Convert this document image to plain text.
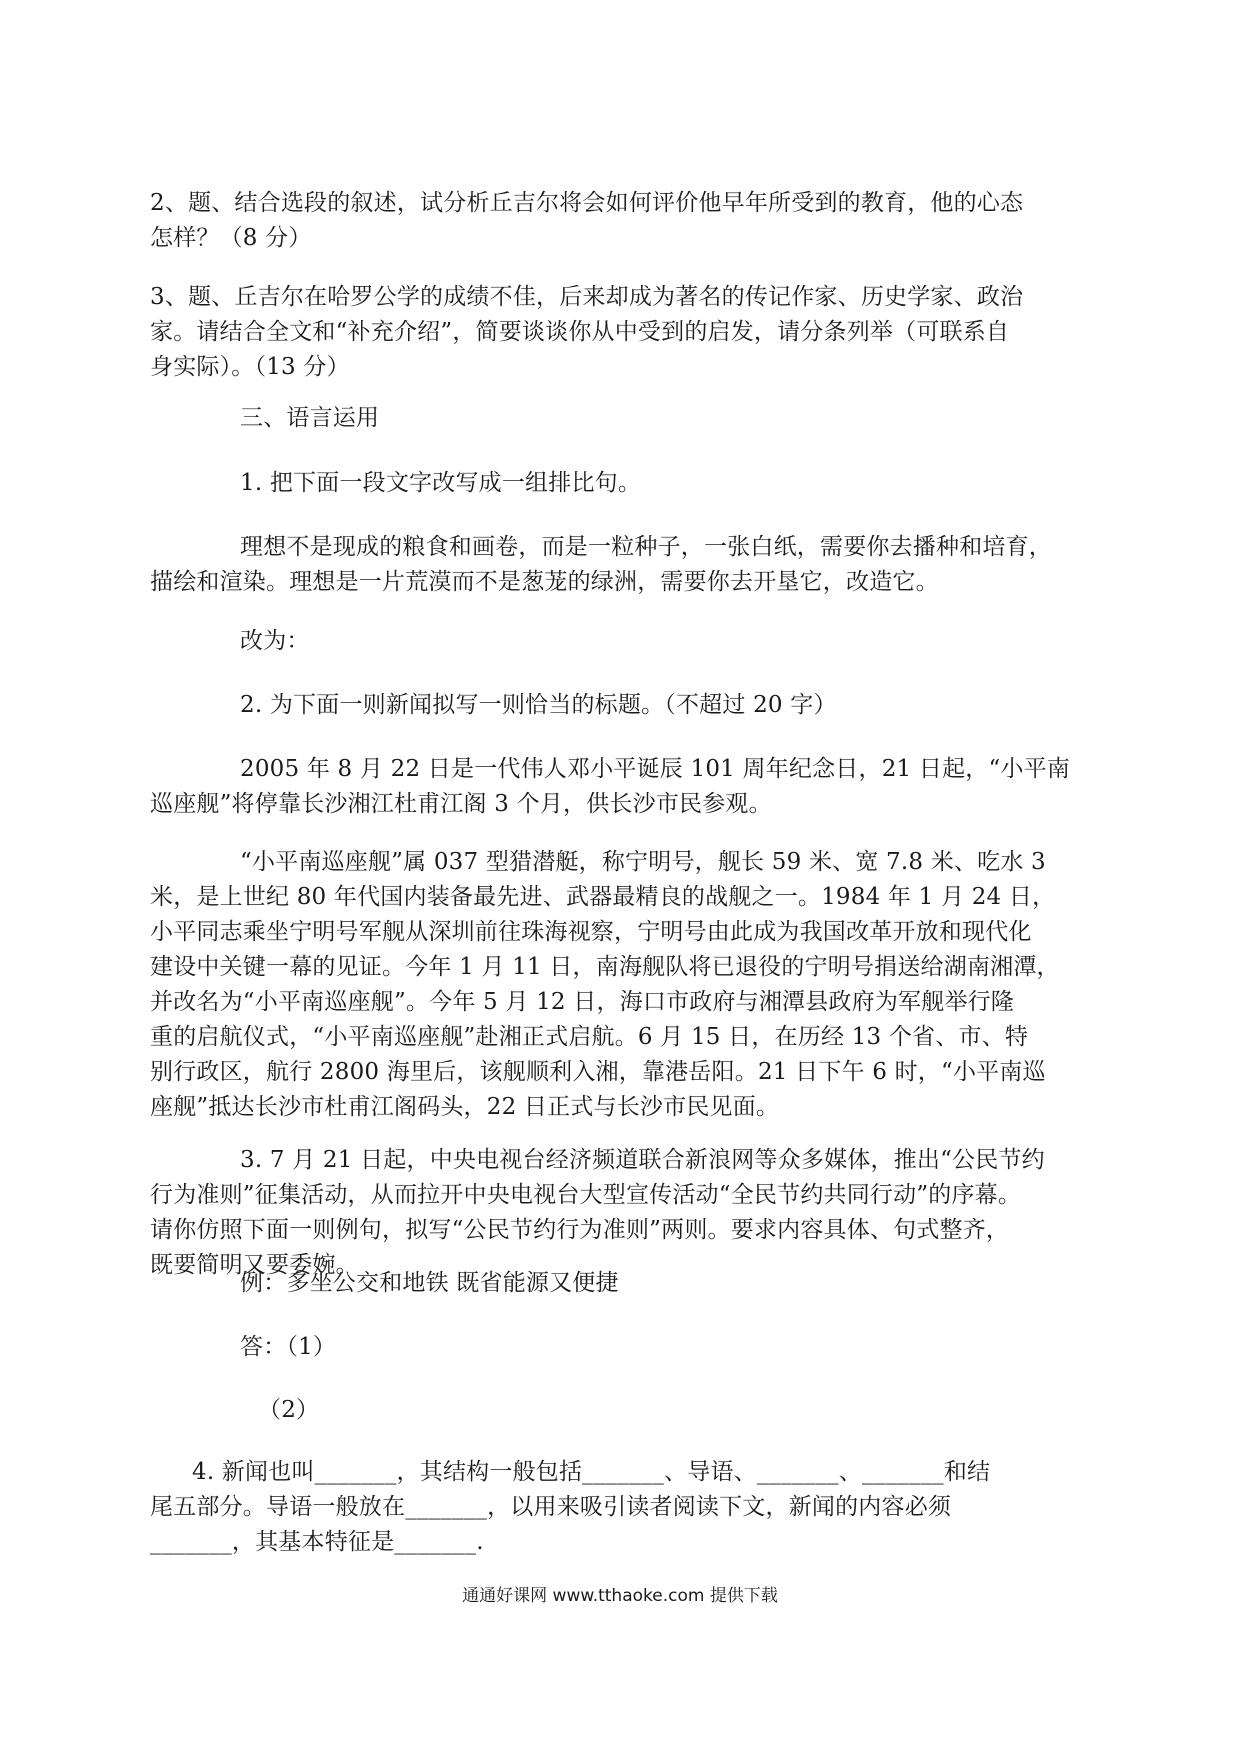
2、题、结合选段的叙述，试分析丘吉尔将会如何评价他早年所受到的教育，他的心态
怎样？（8 分）
3、题、丘吉尔在哈罗公学的成绩不佳，后来却成为著名的传记作家、历史学家、政治
家。请结合全文和“补充介绍”，简要谈谈你从中受到的启发，请分条列举（可联系自
身实际）。（13 分）

三、语言运用

1. 把下面一段文字改写成一组排比句。

理想不是现成的粮食和画卷，而是一粒种子，一张白纸，需要你去播种和培育，
描绘和渲染。理想是一片荒漠而不是葱茏的绿洲，需要你去开垦它，改造它。

改为：

2. 为下面一则新闻拟写一则恰当的标题。（不超过 20 字）

2005 年 8 月 22 日是一代伟人邓小平诞辰 101 周年纪念日，21 日起，“小平南
巡座舰”将停靠长沙湘江杜甫江阁 3 个月，供长沙市民参观。
“小平南巡座舰”属 037 型猎潜艇，称宁明号，舰长 59 米、宽 7.8 米、吃水 3
米，是上世纪 80 年代国内装备最先进、武器最精良的战舰之一。1984 年 1 月 24 日，
小平同志乘坐宁明号军舰从深圳前往珠海视察，宁明号由此成为我国改革开放和现代化
建设中关键一幕的见证。今年 1 月 11 日，南海舰队将已退役的宁明号捐送给湖南湘潭，
并改名为“小平南巡座舰”。今年 5 月 12 日，海口市政府与湘潭县政府为军舰举行隆
重的启航仪式，“小平南巡座舰”赴湘正式启航。6 月 15 日，在历经 13 个省、市、特
别行政区，航行 2800 海里后，该舰顺利入湘，靠港岳阳。21 日下午 6 时，“小平南巡
座舰”抵达长沙市杜甫江阁码头，22 日正式与长沙市民见面。
3. 7 月 21 日起，中央电视台经济频道联合新浪网等众多媒体，推出“公民节约
行为准则”征集活动，从而拉开中央电视台大型宣传活动“全民节约共同行动”的序幕。
请你仿照下面一则例句，拟写“公民节约行为准则”两则。要求内容具体、句式整齐，
既要简明又要委婉。

例：多坐公交和地铁 既省能源又便捷

答：（1）

（2）

4. 新闻也叫_______，其结构一般包括_______、导语、_______、_______和结
尾五部分。导语一般放在_______，以用来吸引读者阅读下文，新闻的内容必须
_______，其基本特征是_______.
通通好课网 www.tthaoke.com 提供下载
